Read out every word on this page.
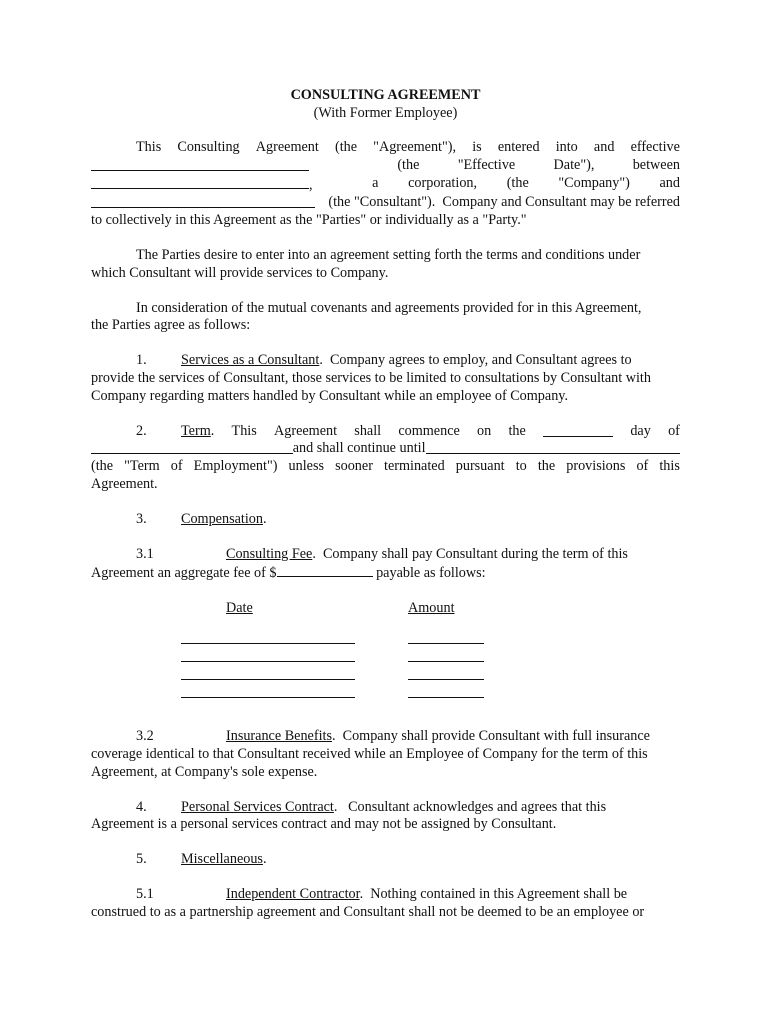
CONSULTING AGREEMENT

(With Former Employee)

This Consulting Agreement (the "Agreement"), is entered into and effective
(the	"Effective	Date"),	between
,	a corporation, (the "Company") and
(the "Consultant").  Company and Consultant may be referred

to collectively in this Agreement as the "Parties" or individually as a "Party."

The Parties desire to enter into an agreement setting forth the terms and conditions under

which Consultant will provide services to Company.

In consideration of the mutual covenants and agreements provided for in this Agreement,

the Parties agree as follows:

1. Services as a Consultant.  Company agrees to employ, and Consultant agrees to

provide the services of Consultant, those services to be limited to consultations by Consultant with

Company regarding matters handled by Consultant while an employee of Company.

2. Term. This Agreement shall commence on the	day of
and shall continue until
(the "Term of Employment") unless sooner terminated pursuant to the provisions of this

Agreement.

3. Compensation.

3.1	Consulting Fee.  Company shall pay Consultant during the term of this

Agreement an aggregate fee of $	payable as follows:

Date	Amount
3.2	Insurance Benefits.  Company shall provide Consultant with full insurance

coverage identical to that Consultant received while an Employee of Company for the term of this

Agreement, at Company's sole expense.

4. Personal Services Contract.   Consultant acknowledges and agrees that this

Agreement is a personal services contract and may not be assigned by Consultant.

5. Miscellaneous.

5.1	Independent Contractor.  Nothing contained in this Agreement shall be

construed to as a partnership agreement and Consultant shall not be deemed to be an employee or
